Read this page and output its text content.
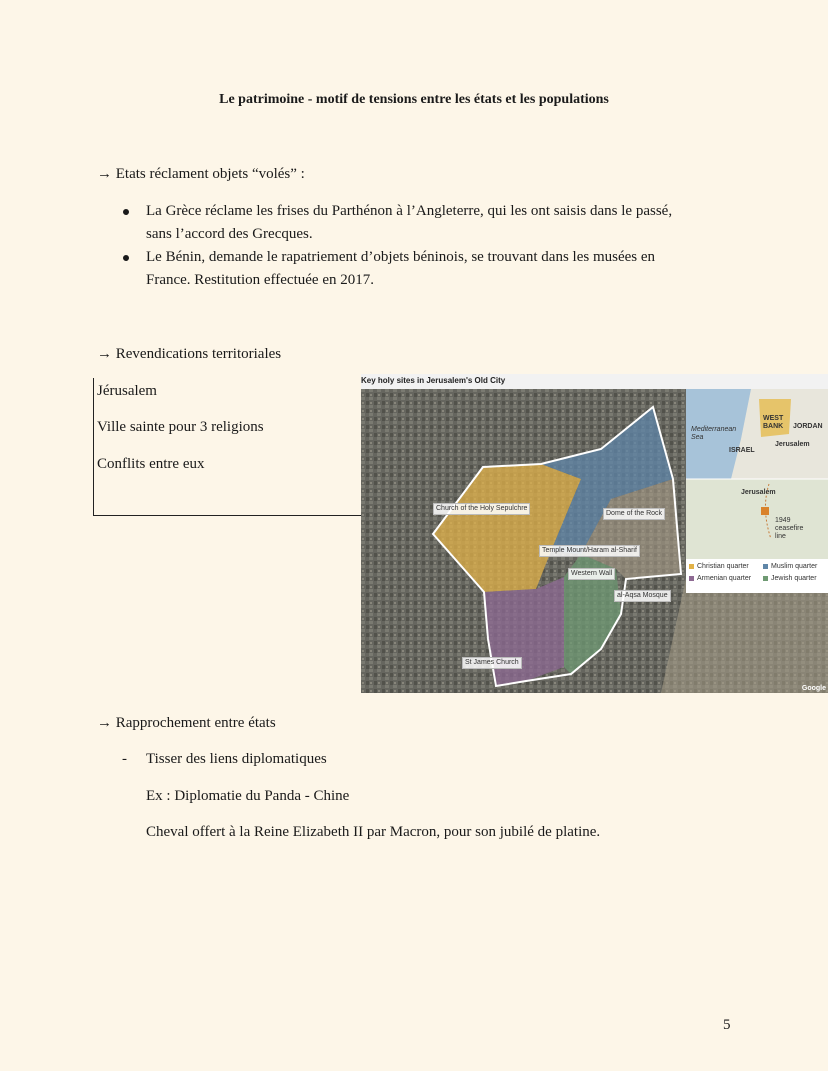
Le patrimoine - motif de tensions entre les états et les populations
→ Etats réclament objets “volés” :
La Grèce réclame les frises du Parthénon à l’Angleterre, qui les ont saisis dans le passé,
sans l’accord des Grecques.
Le Bénin, demande le rapatriement d’objets béninois, se trouvant dans les musées en
France. Restitution effectuée en 2017.
→ Revendications territoriales
Jérusalem
Ville sainte pour 3 religions
Conflits entre eux
Key holy sites in Jerusalem's Old City
Church of the Holy Sepulchre
Dome of the Rock
Temple Mount/Haram al-Sharif
Western Wall
al-Aqsa Mosque
St James Church
Mediterranean Sea
WEST BANK	JORDAN
Jerusalem
ISRAEL
Jerusalem
1949 ceasefire line
Christian quarter	Muslim quarter
Armenian quarter	Jewish quarter
Google
→ Rapprochement entre états
- Tisser des liens diplomatiques
Ex : Diplomatie du Panda - Chine
Cheval offert à la Reine Elizabeth II par Macron, pour son jubilé de platine.
5
